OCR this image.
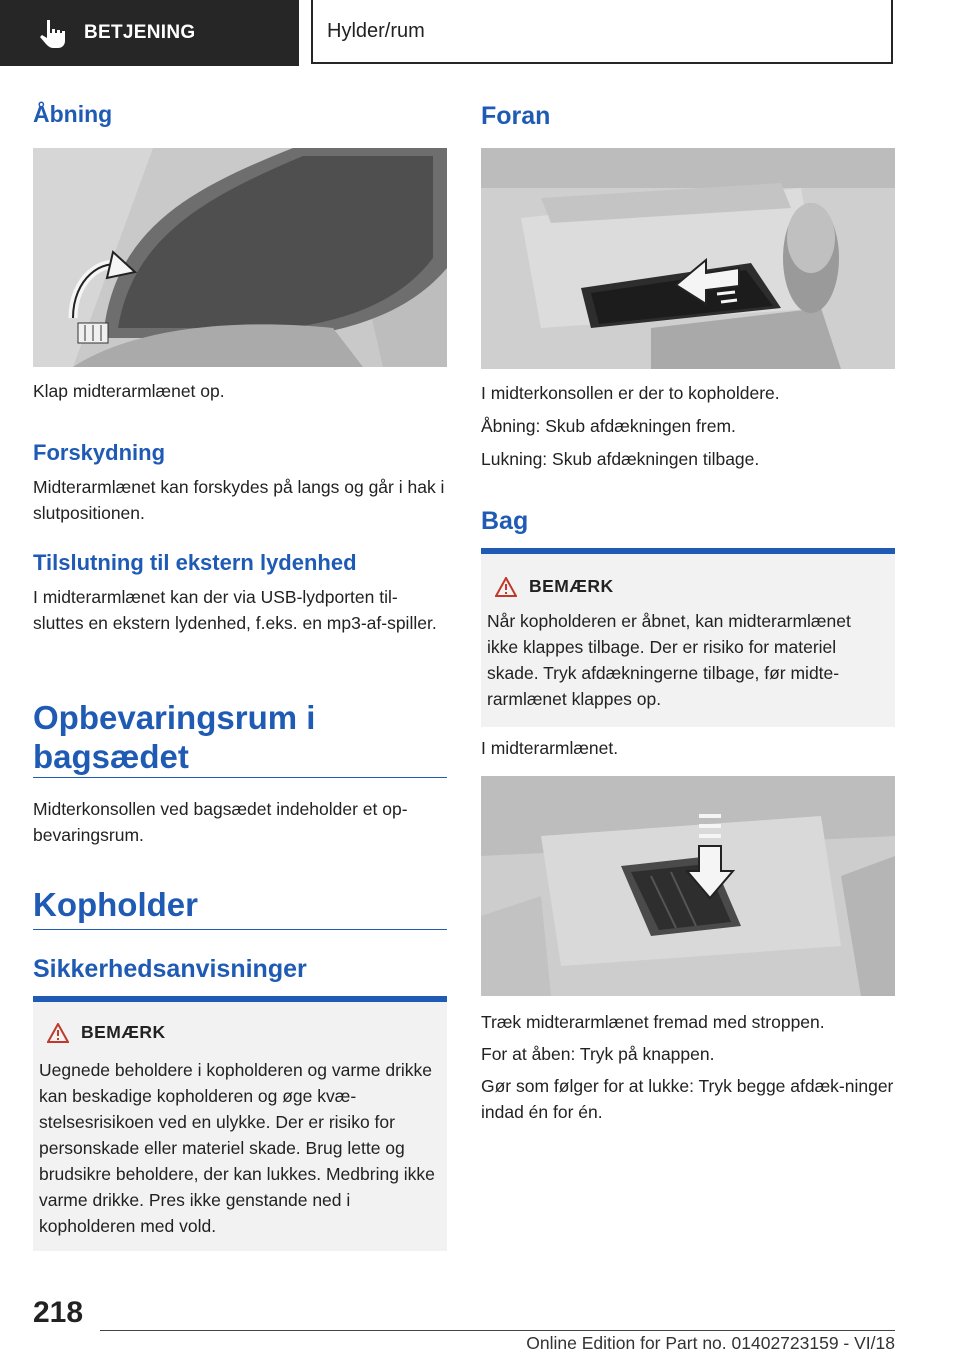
BETJENING	Hylder/rum
Åbning

Klap midterarmlænet op.

Forskydning

Midterarmlænet kan forskydes på langs og går i hak i slutpositionen.

Tilslutning til ekstern lydenhed

I midterarmlænet kan der via USB-lydporten til-sluttes en ekstern lydenhed, f.eks. en mp3-af-spiller.

Opbevaringsrum i bagsædet

Midterkonsollen ved bagsædet indeholder et op-bevaringsrum.

Kopholder
Sikkerhedsanvisninger
BEMÆRK

Uegnede beholdere i kopholderen og varme drikke kan beskadige kopholderen og øge kvæ-stelsesrisikoen ved en ulykke. Der er risiko for personskade eller materiel skade. Brug lette og brudsikre beholdere, der kan lukkes. Medbring ikke varme drikke. Pres ikke genstande ned i kopholderen med vold.

Foran

I midterkonsollen er der to kopholdere.

Åbning: Skub afdækningen frem.

Lukning: Skub afdækningen tilbage.

Bag
BEMÆRK

Når kopholderen er åbnet, kan midterarmlænet ikke klappes tilbage. Der er risiko for materiel skade. Tryk afdækningerne tilbage, før midte-rarmlænet klappes op.

I midterarmlænet.

Træk midterarmlænet fremad med stroppen.

For at åben: Tryk på knappen.

Gør som følger for at lukke: Tryk begge afdæk-ninger indad én for én.

218
Online Edition for Part no. 01402723159 - VI/18
